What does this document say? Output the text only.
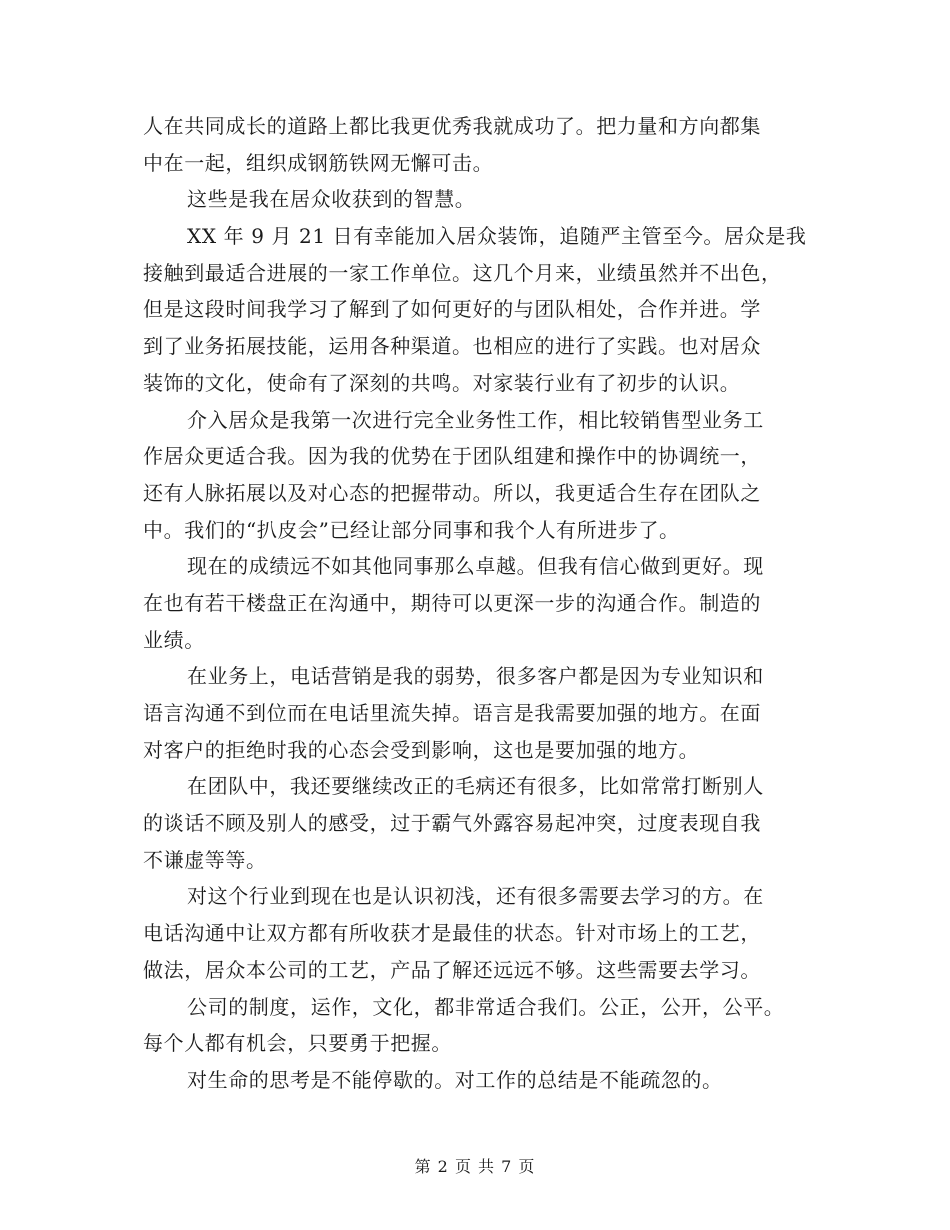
人在共同成长的道路上都比我更优秀我就成功了。把力量和方向都集
中在一起，组织成钢筋铁网无懈可击。
这些是我在居众收获到的智慧。
XX 年 9 月 21 日有幸能加入居众装饰，追随严主管至今。居众是我
接触到最适合进展的一家工作单位。这几个月来，业绩虽然并不出色，
但是这段时间我学习了解到了如何更好的与团队相处，合作并进。学
到了业务拓展技能，运用各种渠道。也相应的进行了实践。也对居众
装饰的文化，使命有了深刻的共鸣。对家装行业有了初步的认识。
介入居众是我第一次进行完全业务性工作，相比较销售型业务工
作居众更适合我。因为我的优势在于团队组建和操作中的协调统一，
还有人脉拓展以及对心态的把握带动。所以，我更适合生存在团队之
中。我们的“扒皮会”已经让部分同事和我个人有所进步了。
现在的成绩远不如其他同事那么卓越。但我有信心做到更好。现
在也有若干楼盘正在沟通中，期待可以更深一步的沟通合作。制造的
业绩。
在业务上，电话营销是我的弱势，很多客户都是因为专业知识和
语言沟通不到位而在电话里流失掉。语言是我需要加强的地方。在面
对客户的拒绝时我的心态会受到影响，这也是要加强的地方。
在团队中，我还要继续改正的毛病还有很多，比如常常打断别人
的谈话不顾及别人的感受，过于霸气外露容易起冲突，过度表现自我
不谦虚等等。
对这个行业到现在也是认识初浅，还有很多需要去学习的方。在
电话沟通中让双方都有所收获才是最佳的状态。针对市场上的工艺，
做法，居众本公司的工艺，产品了解还远远不够。这些需要去学习。
公司的制度，运作，文化，都非常适合我们。公正，公开，公平。
每个人都有机会，只要勇于把握。
对生命的思考是不能停歇的。对工作的总结是不能疏忽的。
第 2 页 共 7 页
